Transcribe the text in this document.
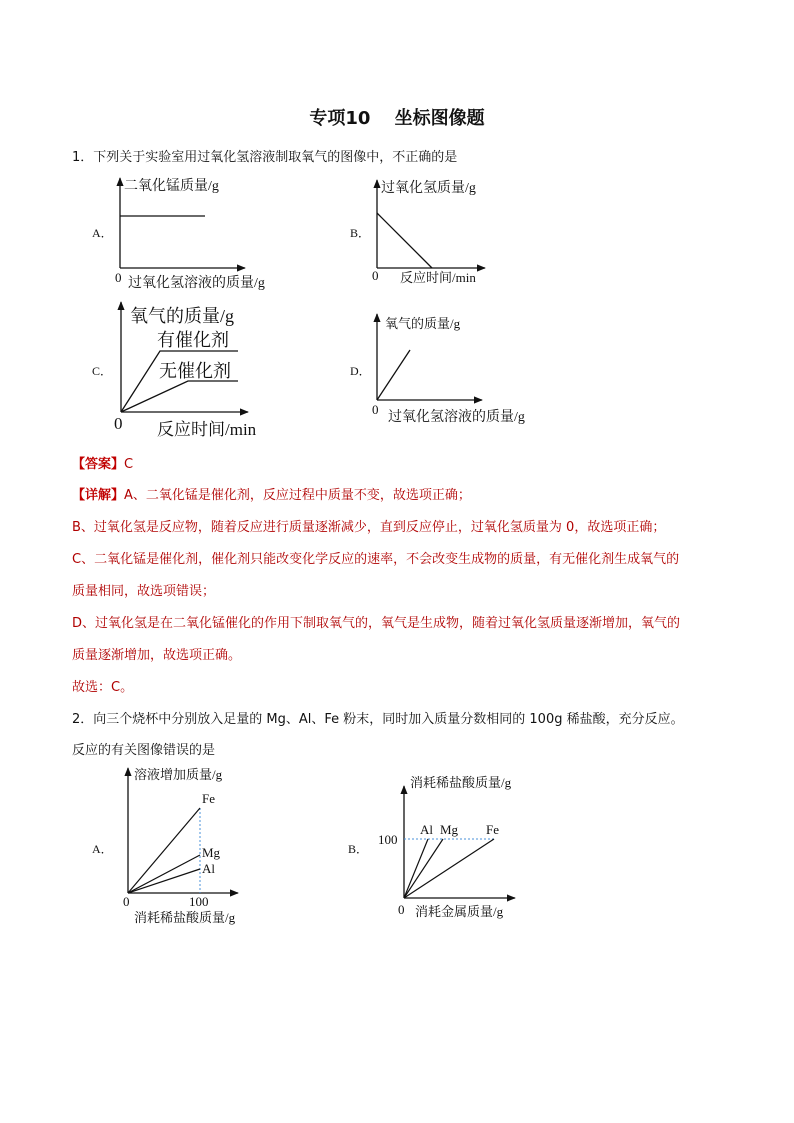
专项10　 坐标图像题
1．下列关于实验室用过氧化氢溶液制取氧气的图像中，不正确的是
A．	B．
C．	D．
二氧化锰质量/g
0 过氧化氢溶液的质量/g
过氧化氢质量/g
0 反应时间/min
氧气的质量/g
有催化剂
无催化剂
0 反应时间/min
氧气的质量/g
0
过氧化氢溶液的质量/g
溶液增加质量/g
Fe
Mg
Al
0	100
消耗稀盐酸质量/g
消耗稀盐酸质量/g
Al Mg Fe
100
0 消耗金属质量/g
【答案】C
【详解】A、二氧化锰是催化剂，反应过程中质量不变，故选项正确；
B、过氧化氢是反应物，随着反应进行质量逐渐减少，直到反应停止，过氧化氢质量为 0，故选项正确；
C、二氧化锰是催化剂，催化剂只能改变化学反应的速率，不会改变生成物的质量，有无催化剂生成氧气的
质量相同，故选项错误；
D、过氧化氢是在二氧化锰催化的作用下制取氧气的，氧气是生成物，随着过氧化氢质量逐渐增加，氧气的
质量逐渐增加，故选项正确。
故选：C。
2．向三个烧杯中分别放入足量的 Mg、Al、Fe 粉末，同时加入质量分数相同的 100g 稀盐酸，充分反应。
反应的有关图像错误的是
A．	B．
